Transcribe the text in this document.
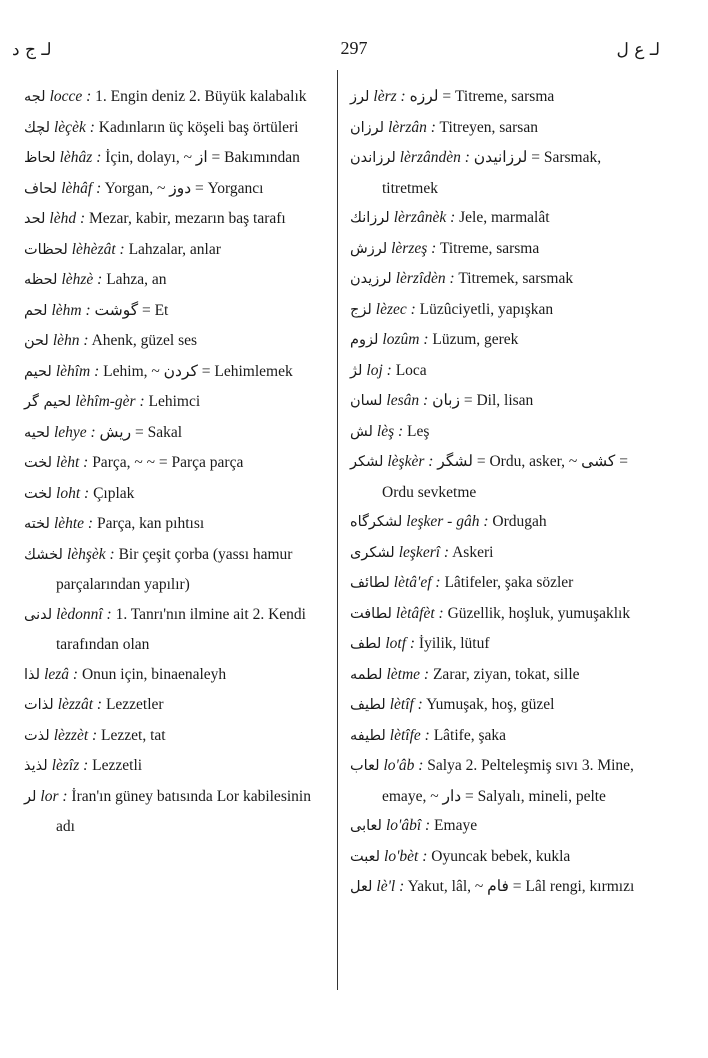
لـ ج د	297	لـ ع ل

لجه locce : 1. Engin deniz 2. Büyük kalabalık

لچك lèçèk : Kadınların üç köşeli baş örtüleri

لحاظ lèhâz : İçin, dolayı, ~ از = Bakımından

لحاف lèhâf : Yorgan, ~ دوز = Yorgancı

لحد lèhd : Mezar, kabir, mezarın baş tarafı

لحظات lèhèzât : Lahzalar, anlar

لحظه lèhzè : Lahza, an

لحم lèhm : گوشت = Et

لحن lèhn : Ahenk, güzel ses

لحيم lèhîm : Lehim, ~ کردن = Lehimlemek

لحيم گر lèhîm-gèr : Lehimci

لحيه lehye : ريش = Sakal

لخت lèht : Parça, ~ ~ = Parça parça

لخت loht : Çıplak

لخته lèhte : Parça, kan pıhtısı

لخشك lèhşèk : Bir çeşit çorba (yassı hamur parçalarından yapılır)

لدنى lèdonnî : 1. Tanrı'nın ilmine ait 2. Kendi tarafından olan

لذا lezâ : Onun için, binaenaleyh

لذات lèzzât : Lezzetler

لذت lèzzèt : Lezzet, tat

لذيذ lèzîz : Lezzetli

لر lor : İran'ın güney batısında Lor kabilesinin adı

لرز lèrz : لرزه = Titreme, sarsma

لرزان lèrzân : Titreyen, sarsan

لرزاندن lèrzândèn : لرزانيدن = Sarsmak, titretmek

لرزانك lèrzânèk : Jele, marmalât

لرزش lèrzeş : Titreme, sarsma

لرزيدن lèrzîdèn : Titremek, sarsmak

لزج lèzec : Lüzûciyetli, yapışkan

لزوم lozûm : Lüzum, gerek

لژ loj : Loca

لسان lesân : زبان = Dil, lisan

لش lèş : Leş

لشكر lèşkèr : لشگر = Ordu, asker, ~ کشى = Ordu sevketme

لشكرگاه leşker - gâh : Ordugah

لشكرى leşkerî : Askeri

لطائف lètâ'ef : Lâtifeler, şaka sözler

لطافت lètâfèt : Güzellik, hoşluk, yumuşaklık

لطف lotf : İyilik, lütuf

لطمه lètme : Zarar, ziyan, tokat, sille

لطيف lètîf : Yumuşak, hoş, güzel

لطيفه lètîfe : Lâtife, şaka

لعاب lo'âb : Salya 2. Pelteleşmiş sıvı 3. Mine, emaye, ~ دار = Salyalı, mineli, pelte

لعابى lo'âbî : Emaye

لعبت lo'bèt : Oyuncak bebek, kukla

لعل lè'l : Yakut, lâl, ~ فام = Lâl rengi, kırmızı
